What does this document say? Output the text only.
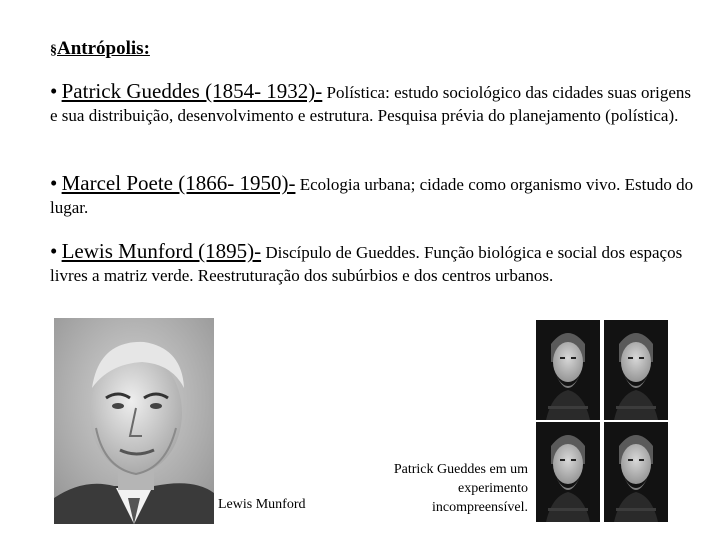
§Antrópolis:
• Patrick Gueddes (1854- 1932)- Polística: estudo sociológico das cidades suas origens e sua distribuição, desenvolvimento e estrutura. Pesquisa prévia do planejamento (polística).
• Marcel Poete (1866- 1950)- Ecologia urbana; cidade como organismo vivo. Estudo do lugar.
• Lewis Munford (1895)- Discípulo de Gueddes. Função biológica e social dos espaços livres a matriz verde. Reestruturação dos subúrbios e dos centros urbanos.
Lewis Munford
Patrick Gueddes em um experimento incompreensível.
